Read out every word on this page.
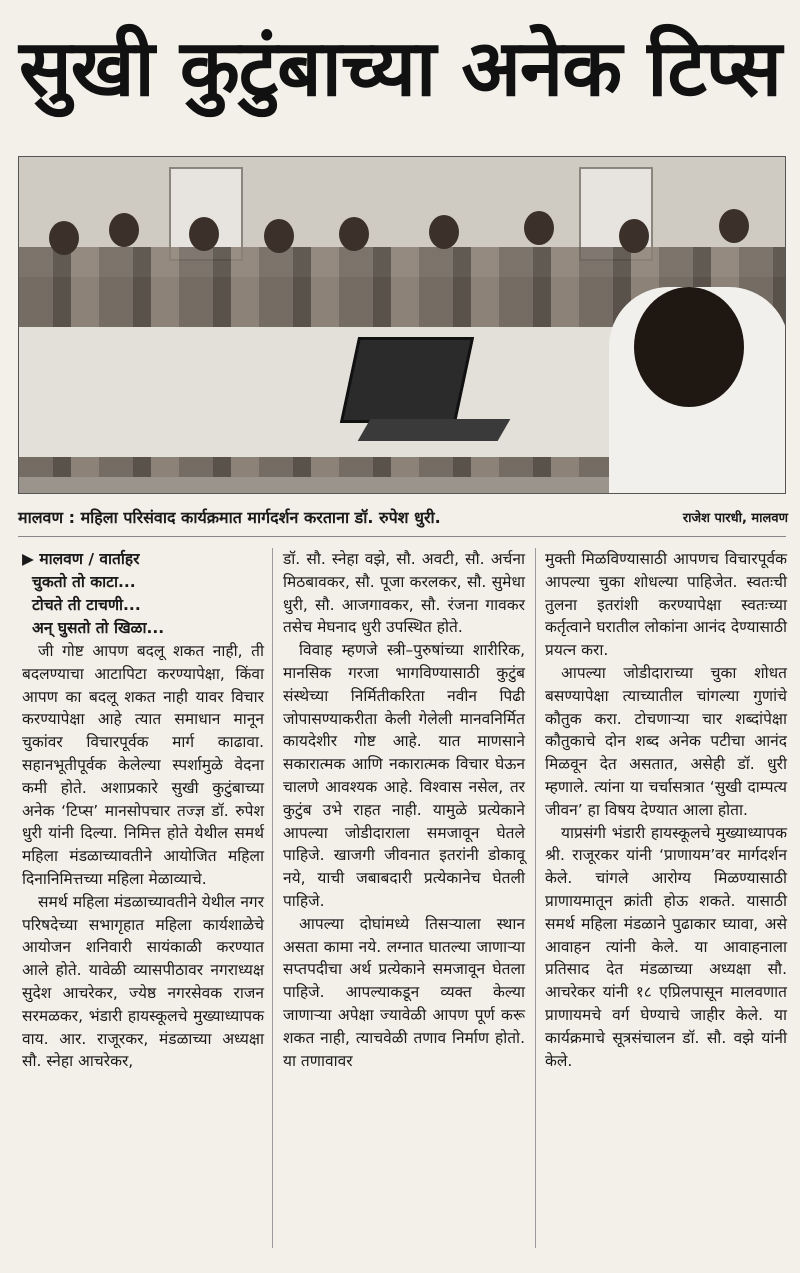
सुखी कुटुंबाच्या अनेक टिप्स
मालवण : महिला परिसंवाद कार्यक्रमात मार्गदर्शन करताना डॉ. रुपेश धुरी.	राजेश पारधी, मालवण
▶ मालवण / वार्ताहर
चुकतो तो काटा...
टोचते ती टाचणी...
अन्‌ घुसतो तो खिळा...

जी गोष्ट आपण बदलू शकत नाही, ती बदलण्याचा आटापिटा करण्यापेक्षा, किंवा आपण का बदलू शकत नाही यावर विचार करण्यापेक्षा आहे त्यात समाधान मानून चुकांवर विचारपूर्वक मार्ग काढावा. सहानभूतीपूर्वक केलेल्या स्पर्शामुळे वेदना कमी होते. अशाप्रकारे सुखी कुटुंबाच्या अनेक ‘टिप्स’ मानसोपचार तज्ज्ञ डॉ. रुपेश धुरी यांनी दिल्या. निमित्त होते येथील समर्थ महिला मंडळाच्यावतीने आयोजित महिला दिनानिमित्तच्या महिला मेळाव्याचे.

समर्थ महिला मंडळाच्यावतीने येथील नगर परिषदेच्या सभागृहात महिला कार्यशाळेचे आयोजन शनिवारी सायंकाळी करण्यात आले होते. यावेळी व्यासपीठावर नगराध्यक्ष सुदेश आचरेकर, ज्येष्ठ नगरसेवक राजन सरमळकर, भंडारी हायस्कूलचे मुख्याध्यापक वाय. आर. राजूरकर, मंडळाच्या अध्यक्षा सौ. स्नेहा आचरेकर,

डॉ. सौ. स्नेहा वझे, सौ. अवटी, सौ. अर्चना मिठबावकर, सौ. पूजा करलकर, सौ. सुमेधा धुरी, सौ. आजगावकर, सौ. रंजना गावकर तसेच मेघनाद धुरी उपस्थित होते.

विवाह म्हणजे स्त्री–पुरुषांच्या शारीरिक, मानसिक गरजा भागविण्यासाठी कुटुंब संस्थेच्या निर्मितीकरिता नवीन पिढी जोपासण्याकरीता केली गेलेली मानवनिर्मित कायदेशीर गोष्ट आहे. यात माणसाने सकारात्मक आणि नकारात्मक विचार घेऊन चालणे आवश्यक आहे. विश्वास नसेल, तर कुटुंब उभे राहत नाही. यामुळे प्रत्येकाने आपल्या जोडीदाराला समजावून घेतले पाहिजे. खाजगी जीवनात इतरांनी डोकावू नये, याची जबाबदारी प्रत्येकानेच घेतली पाहिजे.

आपल्या दोघांमध्ये तिसऱ्याला स्थान असता कामा नये. लग्नात घातल्या जाणाऱ्या सप्तपदीचा अर्थ प्रत्येकाने समजावून घेतला पाहिजे. आपल्याकडून व्यक्त केल्या जाणाऱ्या अपेक्षा ज्यावेळी आपण पूर्ण करू शकत नाही, त्याचवेळी तणाव निर्माण होतो. या तणावावर

मुक्ती मिळविण्यासाठी आपणच विचारपूर्वक आपल्या चुका शोधल्या पाहिजेत. स्वतःची तुलना इतरांशी करण्यापेक्षा स्वतःच्या कर्तृत्वाने घरातील लोकांना आनंद देण्यासाठी प्रयत्न करा.

आपल्या जोडीदाराच्या चुका शोधत बसण्यापेक्षा त्याच्यातील चांगल्या गुणांचे कौतुक करा. टोचणाऱ्या चार शब्दांपेक्षा कौतुकाचे दोन शब्द अनेक पटीचा आनंद मिळवून देत असतात, असेही डॉ. धुरी म्हणाले. त्यांना या चर्चासत्रात ‘सुखी दाम्पत्य जीवन’ हा विषय देण्यात आला होता.

याप्रसंगी भंडारी हायस्कूलचे मुख्याध्यापक श्री. राजूरकर यांनी ‘प्राणायम’वर मार्गदर्शन केले. चांगले आरोग्य मिळण्यासाठी प्राणायमातून क्रांती होऊ शकते. यासाठी समर्थ महिला मंडळाने पुढाकार घ्यावा, असे आवाहन त्यांनी केले. या आवाहनाला प्रतिसाद देत मंडळाच्या अध्यक्षा सौ. आचरेकर यांनी १८ एप्रिलपासून मालवणात प्राणायमचे वर्ग घेण्याचे जाहीर केले. या कार्यक्रमाचे सूत्रसंचालन डॉ. सौ. वझे यांनी केले.
